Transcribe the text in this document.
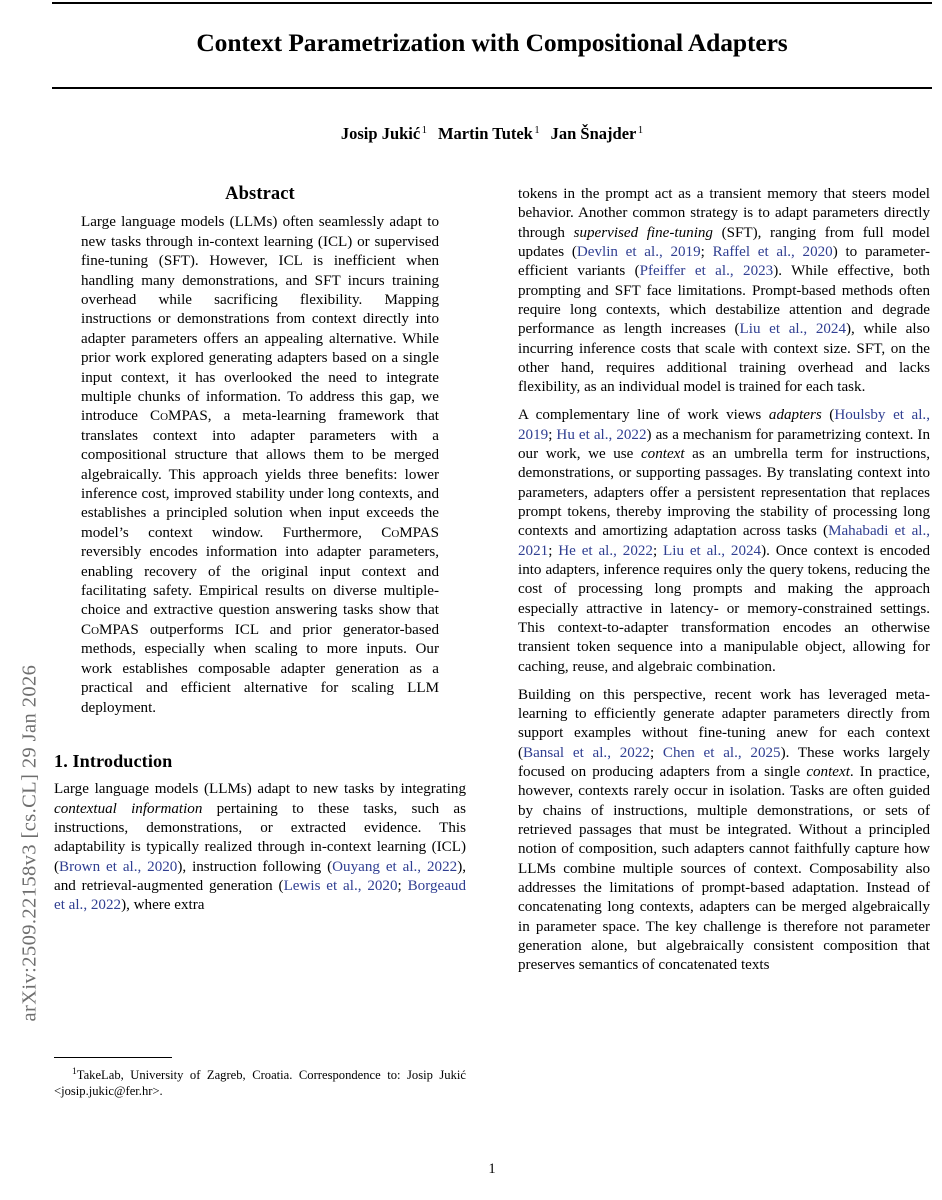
arXiv:2509.22158v3 [cs.CL] 29 Jan 2026
Context Parametrization with Compositional Adapters
Josip Jukić $^1$ Martin Tutek $^1$ Jan Šnajder $^1$
Abstract

Large language models (LLMs) often seamlessly adapt to new tasks through in-context learning (ICL) or supervised fine-tuning (SFT). However, ICL is inefficient when handling many demonstrations, and SFT incurs training overhead while sacrificing flexibility. Mapping instructions or demonstrations from context directly into adapter parameters offers an appealing alternative. While prior work explored generating adapters based on a single input context, it has overlooked the need to integrate multiple chunks of information. To address this gap, we introduce CoMPAS, a meta-learning framework that translates context into adapter parameters with a compositional structure that allows them to be merged algebraically. This approach yields three benefits: lower inference cost, improved stability under long contexts, and establishes a principled solution when input exceeds the model’s context window. Furthermore, CoMPAS reversibly encodes information into adapter parameters, enabling recovery of the original input context and facilitating safety. Empirical results on diverse multiple-choice and extractive question answering tasks show that CoMPAS outperforms ICL and prior generator-based methods, especially when scaling to more inputs. Our work establishes composable adapter generation as a practical and efficient alternative for scaling LLM deployment.

1. Introduction

Large language models (LLMs) adapt to new tasks by integrating contextual information pertaining to these tasks, such as instructions, demonstrations, or extracted evidence. This adaptability is typically realized through in-context learning (ICL) (Brown et al., 2020), instruction following (Ouyang et al., 2022), and retrieval-augmented generation (Lewis et al., 2020; Borgeaud et al., 2022), where extra

tokens in the prompt act as a transient memory that steers model behavior. Another common strategy is to adapt parameters directly through supervised fine-tuning (SFT), ranging from full model updates (Devlin et al., 2019; Raffel et al., 2020) to parameter-efficient variants (Pfeiffer et al., 2023). While effective, both prompting and SFT face limitations. Prompt-based methods often require long contexts, which destabilize attention and degrade performance as length increases (Liu et al., 2024), while also incurring inference costs that scale with context size. SFT, on the other hand, requires additional training overhead and lacks flexibility, as an individual model is trained for each task.

A complementary line of work views adapters (Houlsby et al., 2019; Hu et al., 2022) as a mechanism for parametrizing context. In our work, we use context as an umbrella term for instructions, demonstrations, or supporting passages. By translating context into parameters, adapters offer a persistent representation that replaces prompt tokens, thereby improving the stability of processing long contexts and amortizing adaptation across tasks (Mahabadi et al., 2021; He et al., 2022; Liu et al., 2024). Once context is encoded into adapters, inference requires only the query tokens, reducing the cost of processing long prompts and making the approach especially attractive in latency- or memory-constrained settings. This context-to-adapter transformation encodes an otherwise transient token sequence into a manipulable object, allowing for caching, reuse, and algebraic combination.

Building on this perspective, recent work has leveraged meta-learning to efficiently generate adapter parameters directly from support examples without fine-tuning anew for each context (Bansal et al., 2022; Chen et al., 2025). These works largely focused on producing adapters from a single context. In practice, however, contexts rarely occur in isolation. Tasks are often guided by chains of instructions, multiple demonstrations, or sets of retrieved passages that must be integrated. Without a principled notion of composition, such adapters cannot faithfully capture how LLMs combine multiple sources of context. Composability also addresses the limitations of prompt-based adaptation. Instead of concatenating long contexts, adapters can be merged algebraically in parameter space. The key challenge is therefore not parameter generation alone, but algebraically consistent composition that preserves semantics of concatenated texts

$^1$TakeLab, University of Zagreb, Croatia. Correspondence to: Josip Jukić <josip.jukic@fer.hr>.

1
